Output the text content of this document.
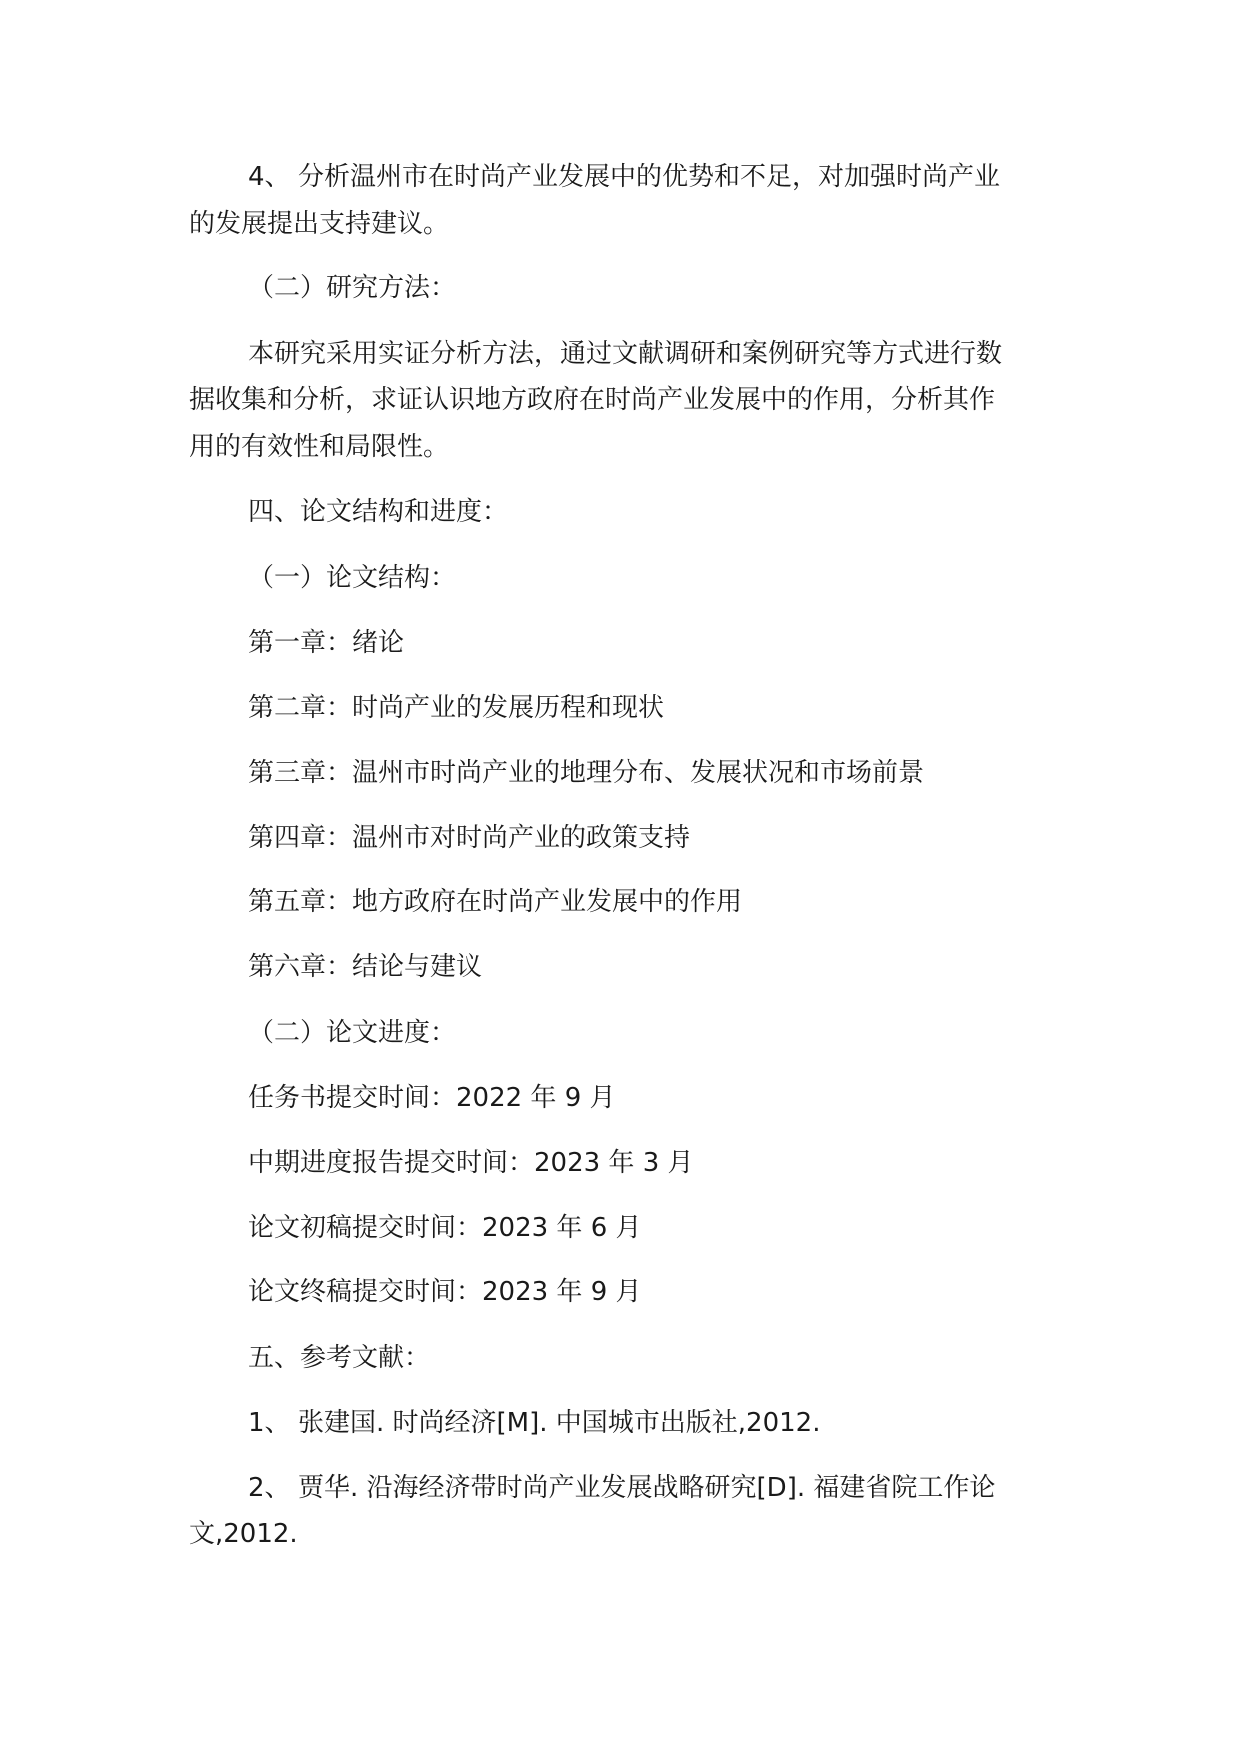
4、 分析温州市在时尚产业发展中的优势和不足，对加强时尚产业
的发展提出支持建议。
（二）研究方法：
本研究采用实证分析方法，通过文献调研和案例研究等方式进行数
据收集和分析，求证认识地方政府在时尚产业发展中的作用，分析其作
用的有效性和局限性。
四、论文结构和进度：
（一）论文结构：
第一章：绪论
第二章：时尚产业的发展历程和现状
第三章：温州市时尚产业的地理分布、发展状况和市场前景
第四章：温州市对时尚产业的政策支持
第五章：地方政府在时尚产业发展中的作用
第六章：结论与建议
（二）论文进度：
任务书提交时间：2022 年 9 月
中期进度报告提交时间：2023 年 3 月
论文初稿提交时间：2023 年 6 月
论文终稿提交时间：2023 年 9 月
五、参考文献：
1、 张建国. 时尚经济[M]. 中国城市出版社,2012.
2、 贾华. 沿海经济带时尚产业发展战略研究[D]. 福建省院工作论
文,2012.
